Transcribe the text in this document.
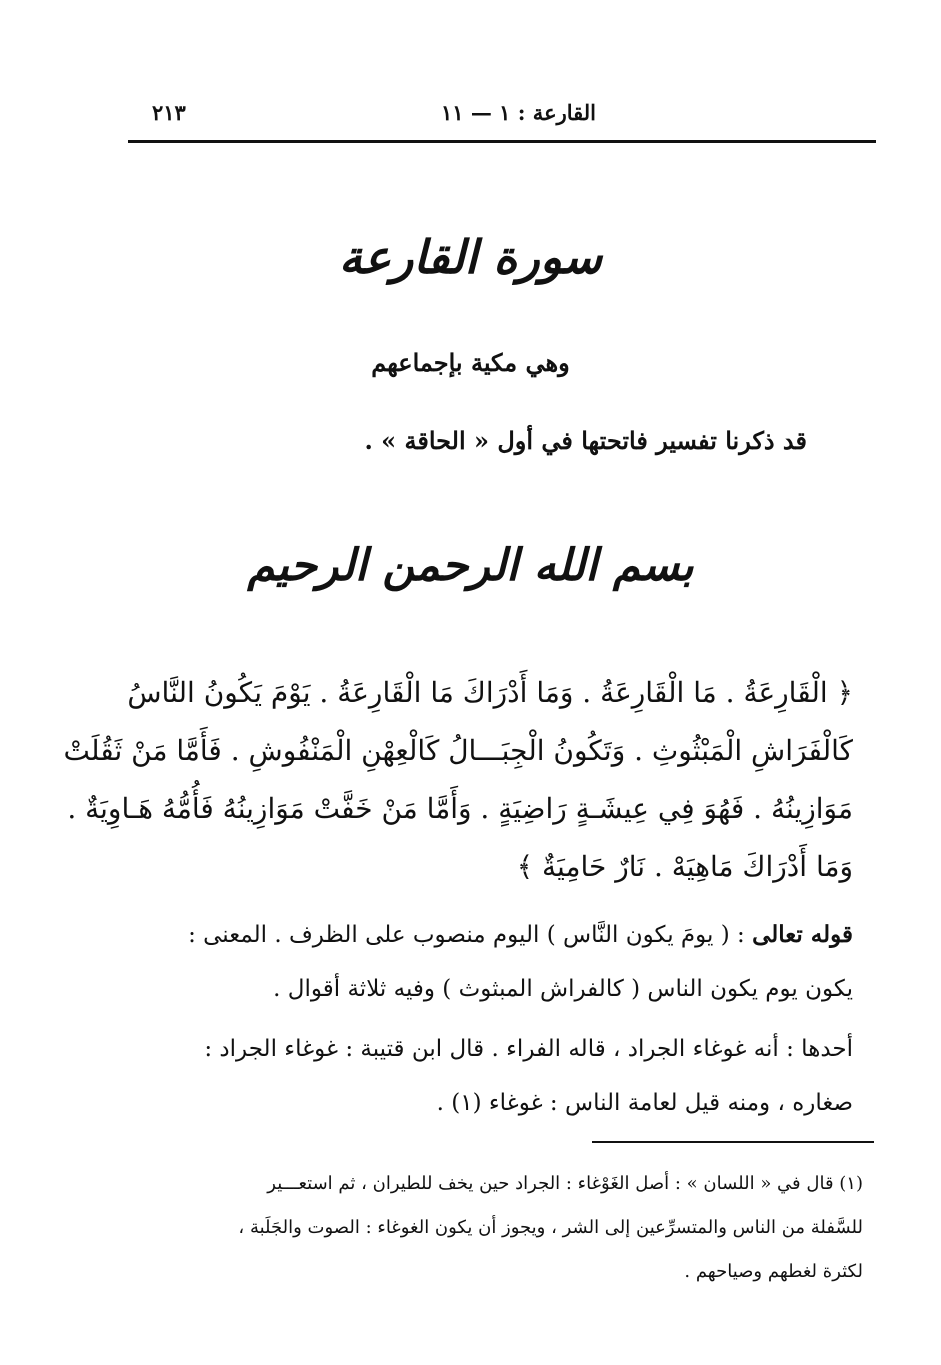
القارعة : ١ — ١١
٢١٣
سورة القارعة
وهي مكية بإجماعهم
قد ذكرنا تفسير فاتحتها في أول « الحاقة » .
بسم الله الرحمن الرحيم
﴿ الْقَارِعَةُ . مَا الْقَارِعَةُ . وَمَا أَدْرَاكَ مَا الْقَارِعَةُ . يَوْمَ يَكُونُ النَّاسُ
كَالْفَرَاشِ الْمَبْثُوثِ . وَتَكُونُ الْجِبَـــالُ كَالْعِهْنِ الْمَنْفُوشِ . فَأَمَّا مَنْ ثَقُلَتْ
مَوَازِينُهُ . فَهُوَ فِي عِيشَـةٍ رَاضِيَةٍ . وَأَمَّا مَنْ خَفَّتْ مَوَازِينُهُ فَأُمُّهُ هَـاوِيَةٌ .
وَمَا أَدْرَاكَ مَاهِيَهْ . نَارٌ حَامِيَةٌ ﴾
قوله تعالى : ( يومَ يكون النَّاس ) اليوم منصوب على الظرف . المعنى :
يكون يوم يكون الناس ( كالفراش المبثوث ) وفيه ثلاثة أقوال .
أحدها : أنه غوغاء الجراد ، قاله الفراء . قال ابن قتيبة : غوغاء الجراد :
صغاره ، ومنه قيل لعامة الناس : غوغاء (١) .
(١) قال في « اللسان » : أصل الغَوْغاء : الجراد حين يخف للطيران ، ثم استعـــير
للسَّفلة من الناس والمتسرِّعين إلى الشر ، ويجوز أن يكون الغوغاء : الصوت والجَلَبة ،
لكثرة لغطهم وصياحهم .
